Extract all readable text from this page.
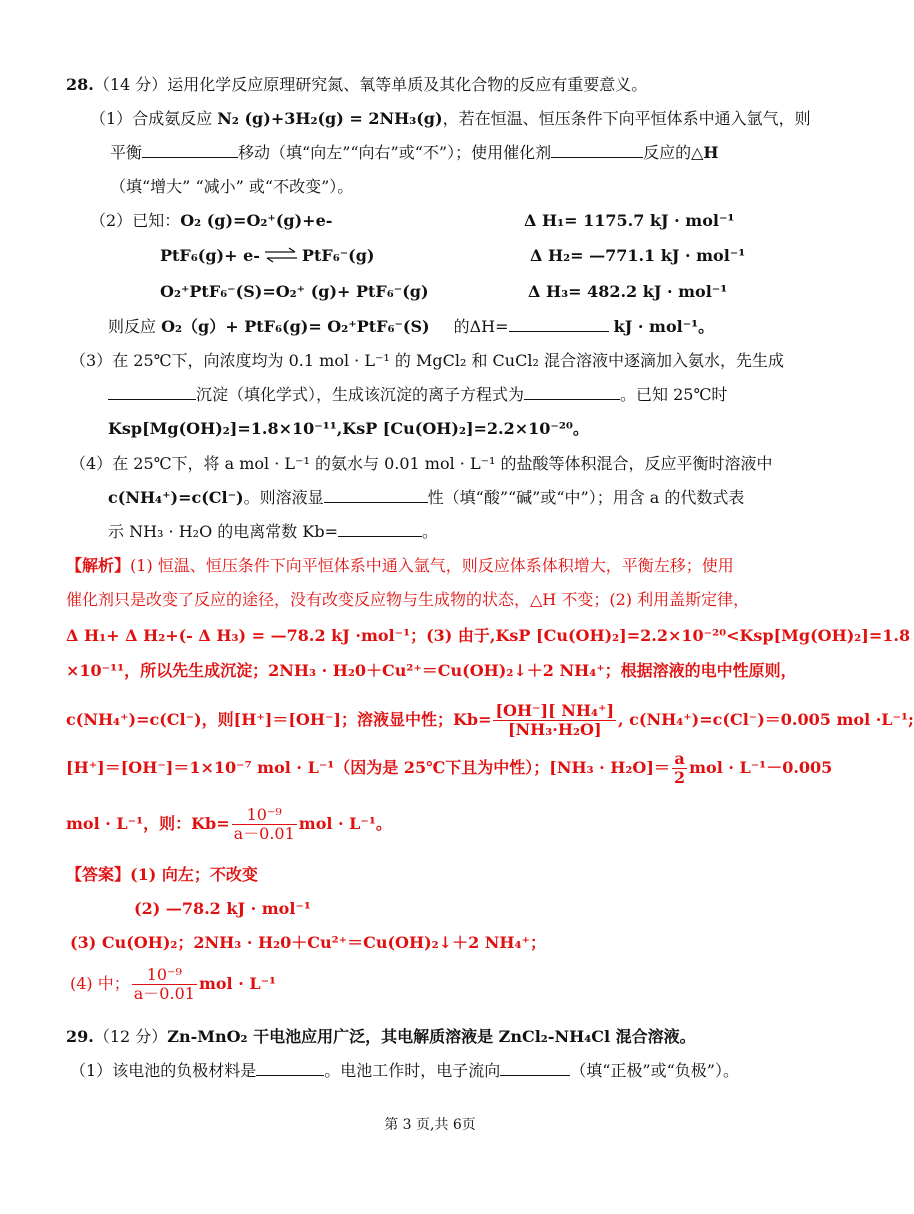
28.（14 分）运用化学反应原理研究氮、氧等单质及其化合物的反应有重要意义。
（1）合成氨反应 N₂ (g)+3H₂(g) = 2NH₃(g)，若在恒温、恒压条件下向平恒体系中通入氩气，则
平衡	移动（填“向左”“向右”或“不”）；使用催化剂	反应的△H
（填“增大” “减小” 或“不改变”）。
（2）已知：O₂ (g)=O₂⁺(g)+e-	Δ H₁= 1175.7 kJ · mol⁻¹
PtF₆(g)+ e- ⇌ PtF₆⁻(g)	Δ H₂= —771.1 kJ · mol⁻¹
O₂⁺PtF₆⁻(S)=O₂⁺ (g)+ PtF₆⁻(g)	Δ H₃= 482.2 kJ · mol⁻¹
则反应 O₂（g）+ PtF₆(g)= O₂⁺PtF₆⁻(S) 的ΔH=	kJ · mol⁻¹。
（3）在 25℃下，向浓度均为 0.1 mol · L⁻¹ 的 MgCl₂ 和 CuCl₂ 混合溶液中逐滴加入氨水，先生成
沉淀（填化学式），生成该沉淀的离子方程式为	。已知 25℃时
Ksp[Mg(OH)₂]=1.8×10⁻¹¹,KsP [Cu(OH)₂]=2.2×10⁻²⁰。
（4）在 25℃下，将 a mol · L⁻¹ 的氨水与 0.01 mol · L⁻¹ 的盐酸等体积混合，反应平衡时溶液中
c(NH₄⁺)=c(Cl⁻)。则溶液显	性（填“酸”“碱”或“中”）；用含 a 的代数式表
示 NH₃ · H₂O 的电离常数 Kb=	。
【解析】(1) 恒温、恒压条件下向平恒体系中通入氩气，则反应体系体积增大，平衡左移；使用
催化剂只是改变了反应的途径，没有改变反应物与生成物的状态，△H 不变；(2) 利用盖斯定律，
Δ H₁+ Δ H₂+(- Δ H₃) = —78.2 kJ ·mol⁻¹；(3) 由于,KsP [Cu(OH)₂]=2.2×10⁻²⁰<Ksp[Mg(OH)₂]=1.8
×10⁻¹¹，所以先生成沉淀；2NH₃ · H₂0＋Cu²⁺＝Cu(OH)₂↓＋2 NH₄⁺；根据溶液的电中性原则，
c(NH₄⁺)=c(Cl⁻)，则[H⁺]＝[OH⁻]；溶液显中性；$Kb= \frac{\text{[OH⁻][ NH₄⁺]}}{\text{[NH₃·H₂O]}}$ , c(NH₄⁺)=c(Cl⁻)＝0.005 mol ·L⁻¹;
[H⁺]＝[OH⁻]＝1×10⁻⁷ mol · L⁻¹（因为是 25℃下且为中性）；$[NH_3 \cdot H_2O]= \frac{a}{2}$ mol · L⁻¹－0.005
mol · L⁻¹，则：$Kb= \frac{\text{10⁻⁹}}{a-0.01}$ mol · L⁻¹。
【答案】(1) 向左；不改变
(2) —78.2 kJ · mol⁻¹
(3) Cu(OH)₂；2NH₃ · H₂0＋Cu²⁺＝Cu(OH)₂↓＋2 NH₄⁺；
(4) 中； $\frac{\text{10⁻⁹}}{a-0.01}$ mol · L⁻¹
29.（12 分）Zn-MnO₂ 干电池应用广泛，其电解质溶液是 ZnCl₂-NH₄Cl 混合溶液。
（1）该电池的负极材料是	。电池工作时，电子流向	（填“正极”或“负极”）。
第 3 页,共 6页
